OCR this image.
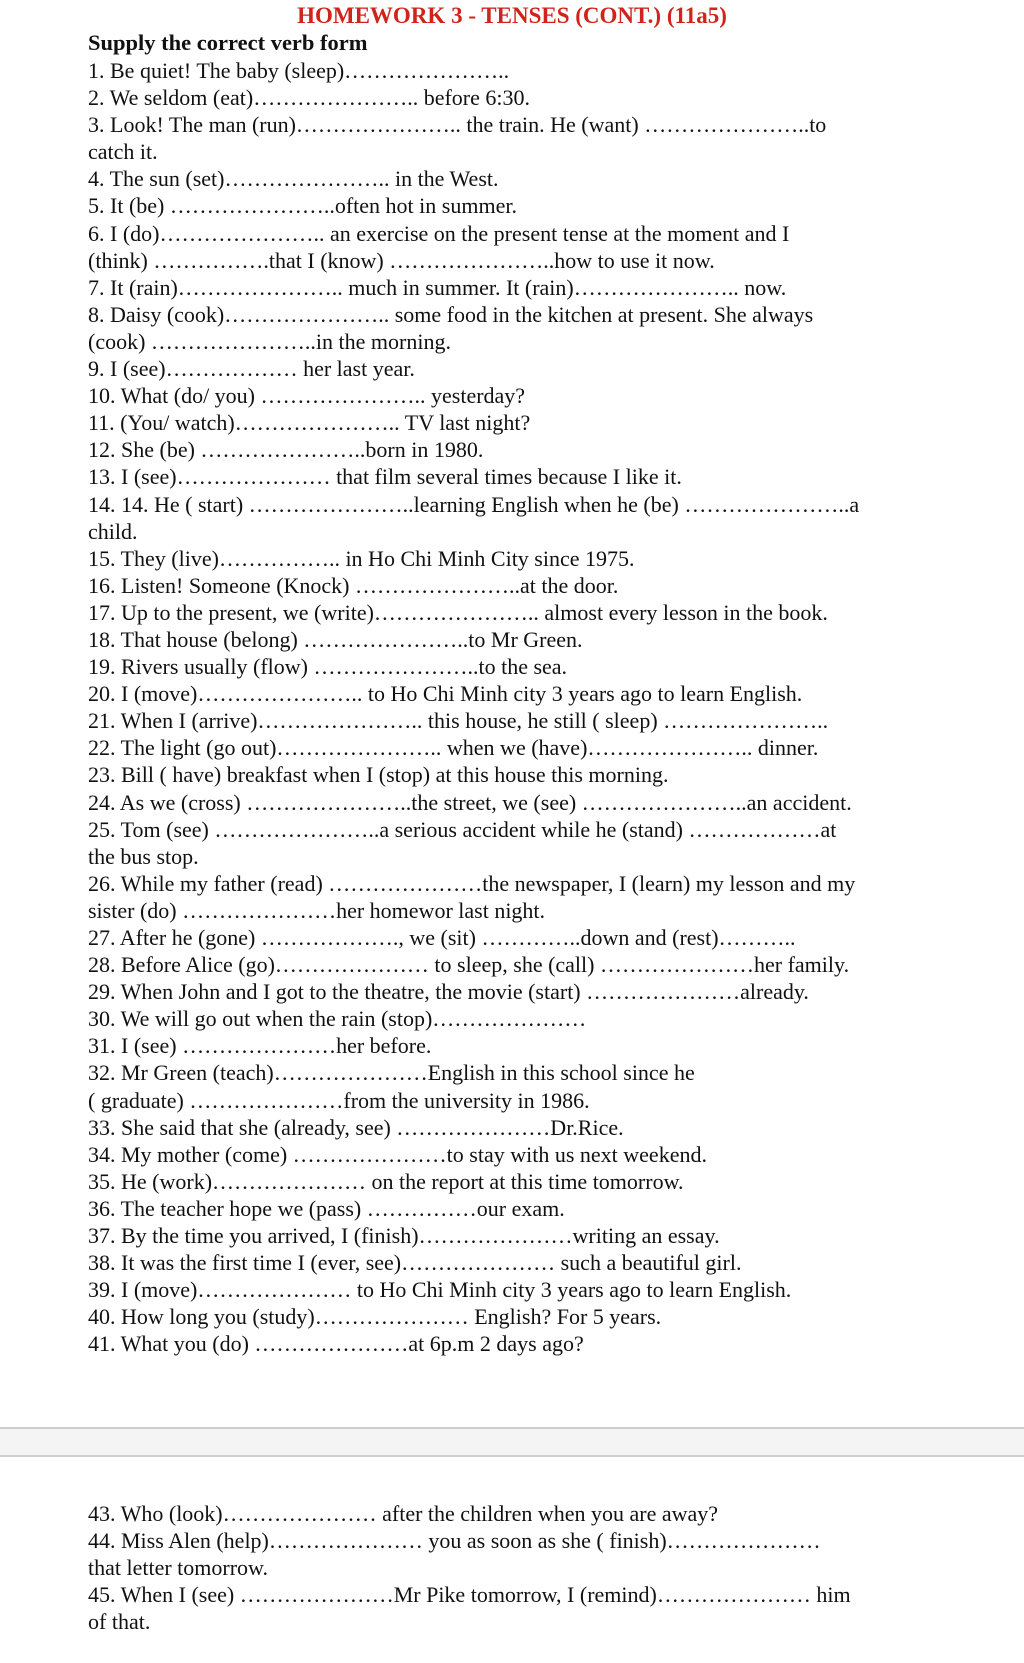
HOMEWORK 3 - TENSES (CONT.) (11a5)
Supply the correct verb form
1. Be quiet! The baby (sleep)…………………..
2. We seldom (eat)………………….. before 6:30.
3. Look! The man (run)………………….. the train. He (want) …………………..to
catch it.
4. The sun (set)………………….. in the West.
5. It (be) …………………..often hot in summer.
6. I (do)………………….. an exercise on the present tense at the moment and I
(think) …………….that I (know) …………………..how to use it now.
7. It (rain)………………….. much in summer. It (rain)………………….. now.
8. Daisy (cook)………………….. some food in the kitchen at present. She always
(cook) …………………..in the morning.
9. I (see)……………… her last year.
10. What (do/ you) ………………….. yesterday?
11. (You/ watch)………………….. TV last night?
12. She (be) …………………..born in 1980.
13. I (see)………………… that film several times because I like it.
14. 14. He ( start) …………………..learning English when he (be) …………………..a
child.
15. They (live)…………….. in Ho Chi Minh City since 1975.
16. Listen! Someone (Knock) …………………..at the door.
17. Up to the present, we (write)………………….. almost every lesson in the book.
18. That house (belong) …………………..to Mr Green.
19. Rivers usually (flow) …………………..to the sea.
20. I (move)………………….. to Ho Chi Minh city 3 years ago to learn English.
21. When I (arrive)………………….. this house, he still ( sleep) …………………..
22. The light (go out)………………….. when we (have)………………….. dinner.
23. Bill ( have) breakfast when I (stop) at this house this morning.
24. As we (cross) …………………..the street, we (see) …………………..an accident.
25. Tom (see) …………………..a serious accident while he (stand) ………………at
the bus stop.
26. While my father (read) …………………the newspaper, I (learn) my lesson and my
sister (do) …………………her homewor last night.
27. After he (gone) ………………., we (sit) …………..down and (rest)………..
28. Before Alice (go)………………… to sleep, she (call) …………………her family.
29. When John and I got to the theatre, the movie (start) …………………already.
30. We will go out when the rain (stop)…………………
31. I (see) …………………her before.
32. Mr Green (teach)…………………English in this school since he
( graduate) …………………from the university in 1986.
33. She said that she (already, see) …………………Dr.Rice.
34. My mother (come) …………………to stay with us next weekend.
35. He (work)………………… on the report at this time tomorrow.
36. The teacher hope we (pass) ……………our exam.
37. By the time you arrived, I (finish)…………………writing an essay.
38. It was the first time I (ever, see)………………… such a beautiful girl.
39. I (move)………………… to Ho Chi Minh city 3 years ago to learn English.
40. How long you (study)………………… English? For 5 years.
41. What you (do) …………………at 6p.m 2 days ago?
43. Who (look)………………… after the children when you are away?
44. Miss Alen (help)………………… you as soon as she ( finish)…………………
that letter tomorrow.
45. When I (see) …………………Mr Pike tomorrow, I (remind)………………… him
of that.
